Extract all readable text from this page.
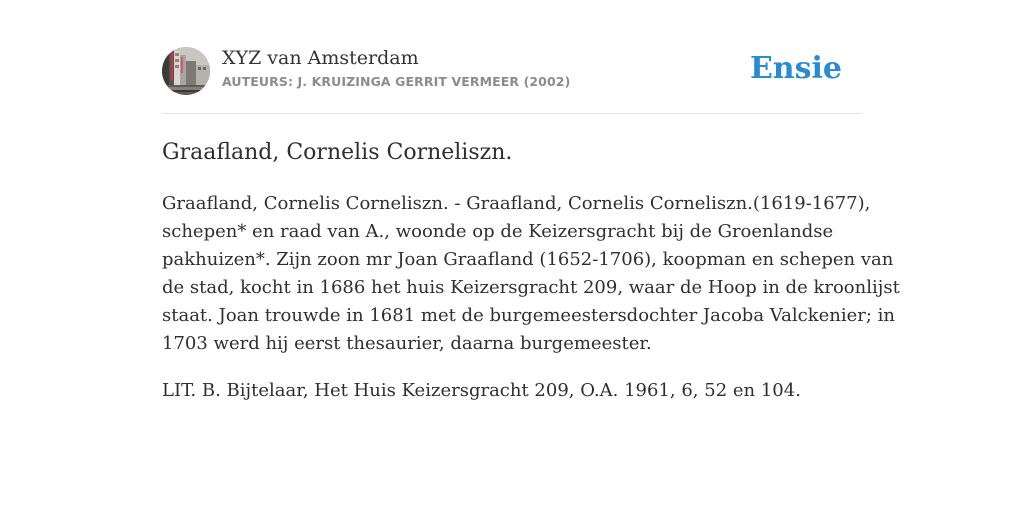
XYZ van Amsterdam
AUTEURS: J. KRUIZINGA GERRIT VERMEER (2002)	Ensie
Graafland, Cornelis Corneliszn.

Graafland, Cornelis Corneliszn. - Graafland, Cornelis Corneliszn.(1619-1677),
schepen* en raad van A., woonde op de Keizersgracht bij de Groenlandse
pakhuizen*. Zijn zoon mr Joan Graafland (1652-1706), koopman en schepen van
de stad, kocht in 1686 het huis Keizersgracht 209, waar de Hoop in de kroonlijst
staat. Joan trouwde in 1681 met de burgemeestersdochter Jacoba Valckenier; in
1703 werd hij eerst thesaurier, daarna burgemeester.

LIT. B. Bijtelaar, Het Huis Keizersgracht 209, O.A. 1961, 6, 52 en 104.
